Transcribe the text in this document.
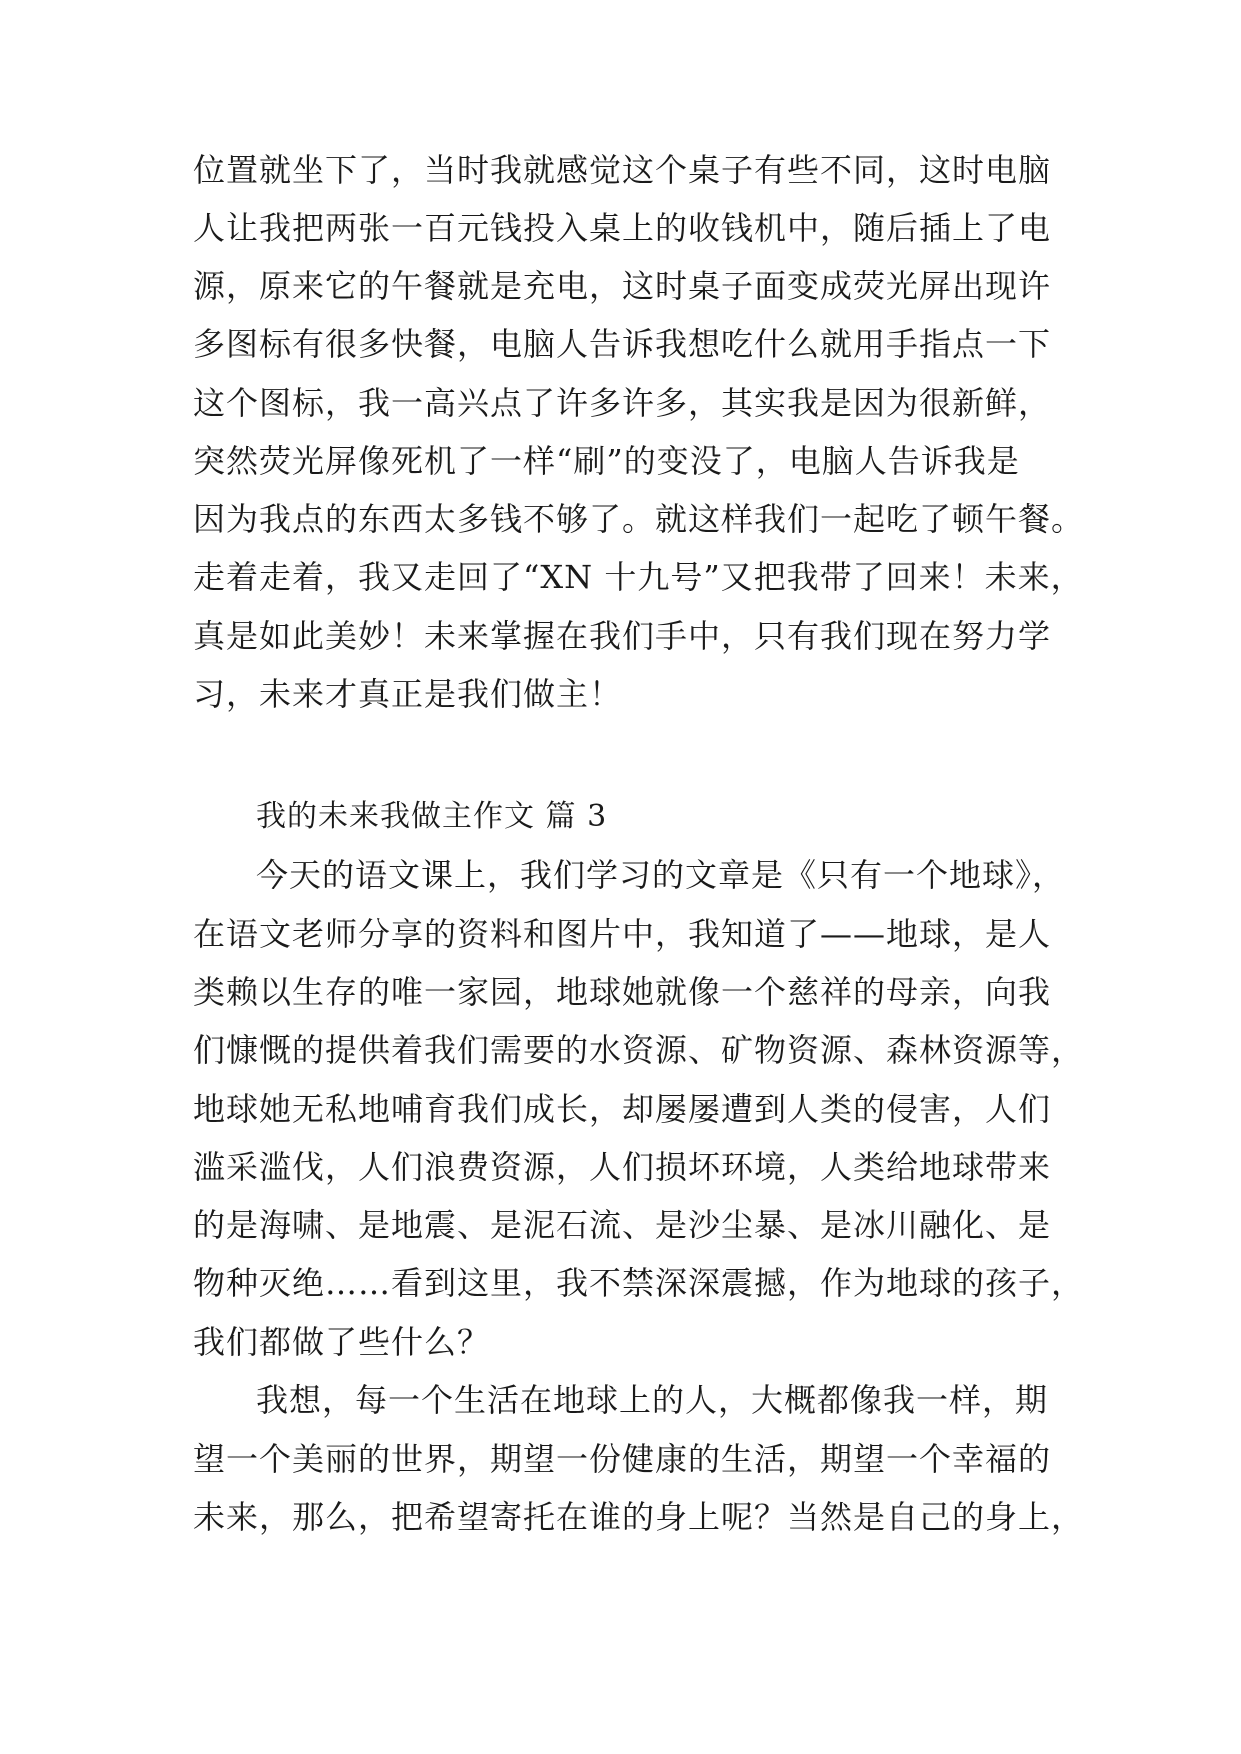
位置就坐下了，当时我就感觉这个桌子有些不同，这时电脑
人让我把两张一百元钱投入桌上的收钱机中，随后插上了电
源，原来它的午餐就是充电，这时桌子面变成荧光屏出现许
多图标有很多快餐，电脑人告诉我想吃什么就用手指点一下
这个图标，我一高兴点了许多许多，其实我是因为很新鲜，
突然荧光屏像死机了一样“刷”的变没了，电脑人告诉我是
因为我点的东西太多钱不够了。就这样我们一起吃了顿午餐。
走着走着，我又走回了“XN 十九号”又把我带了回来！未来，
真是如此美妙！未来掌握在我们手中，只有我们现在努力学
习，未来才真正是我们做主！
我的未来我做主作文 篇 3
今天的语文课上，我们学习的文章是《只有一个地球》，
在语文老师分享的资料和图片中，我知道了——地球，是人
类赖以生存的唯一家园，地球她就像一个慈祥的母亲，向我
们慷慨的提供着我们需要的水资源、矿物资源、森林资源等，
地球她无私地哺育我们成长，却屡屡遭到人类的侵害，人们
滥采滥伐，人们浪费资源，人们损坏环境，人类给地球带来
的是海啸、是地震、是泥石流、是沙尘暴、是冰川融化、是
物种灭绝……看到这里，我不禁深深震撼，作为地球的孩子，
我们都做了些什么？
我想，每一个生活在地球上的人，大概都像我一样，期
望一个美丽的世界，期望一份健康的生活，期望一个幸福的
未来，那么，把希望寄托在谁的身上呢？当然是自己的身上，
